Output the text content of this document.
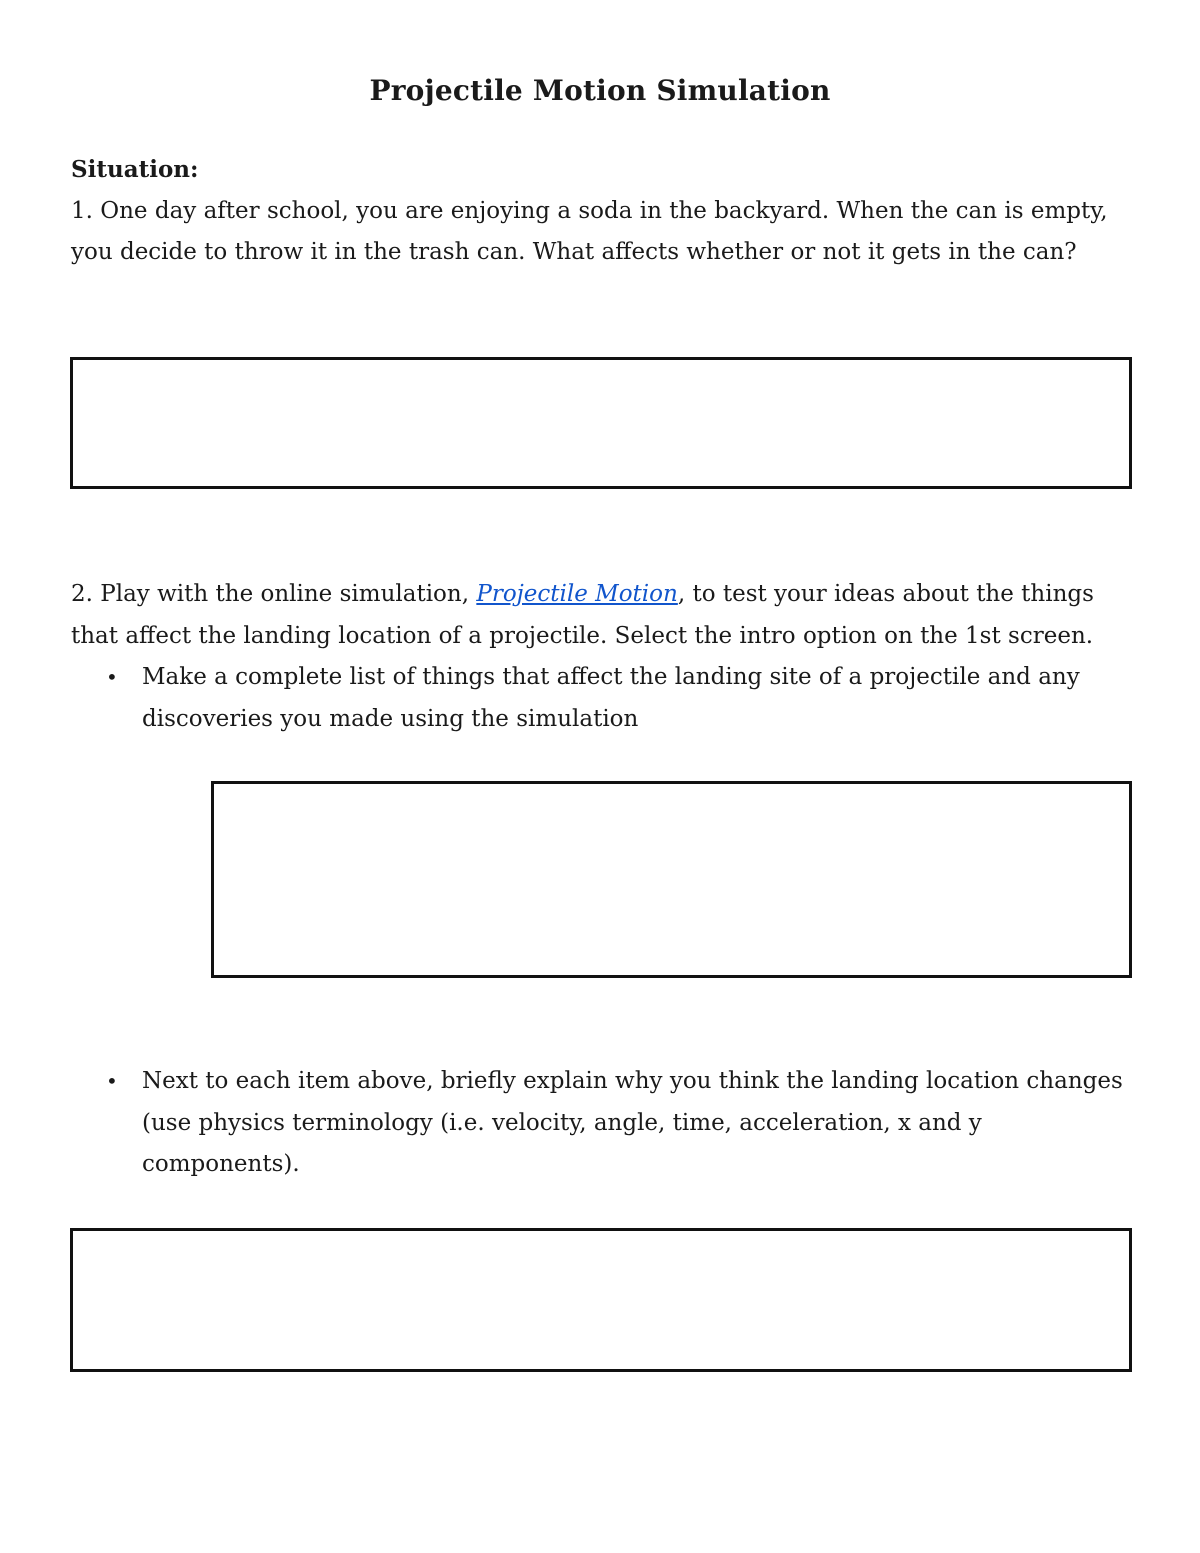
Projectile Motion Simulation
Situation:
1. One day after school, you are enjoying a soda in the backyard. When the can is empty, you decide to throw it in the trash can. What affects whether or not it gets in the can?
2. Play with the online simulation, Projectile Motion, to test your ideas about the things that affect the landing location of a projectile. Select the intro option on the 1st screen.
•	Make a complete list of things that affect the landing site of a projectile and any discoveries you made using the simulation
•	Next to each item above, briefly explain why you think the landing location changes (use physics terminology (i.e. velocity, angle, time, acceleration, x and y components).
